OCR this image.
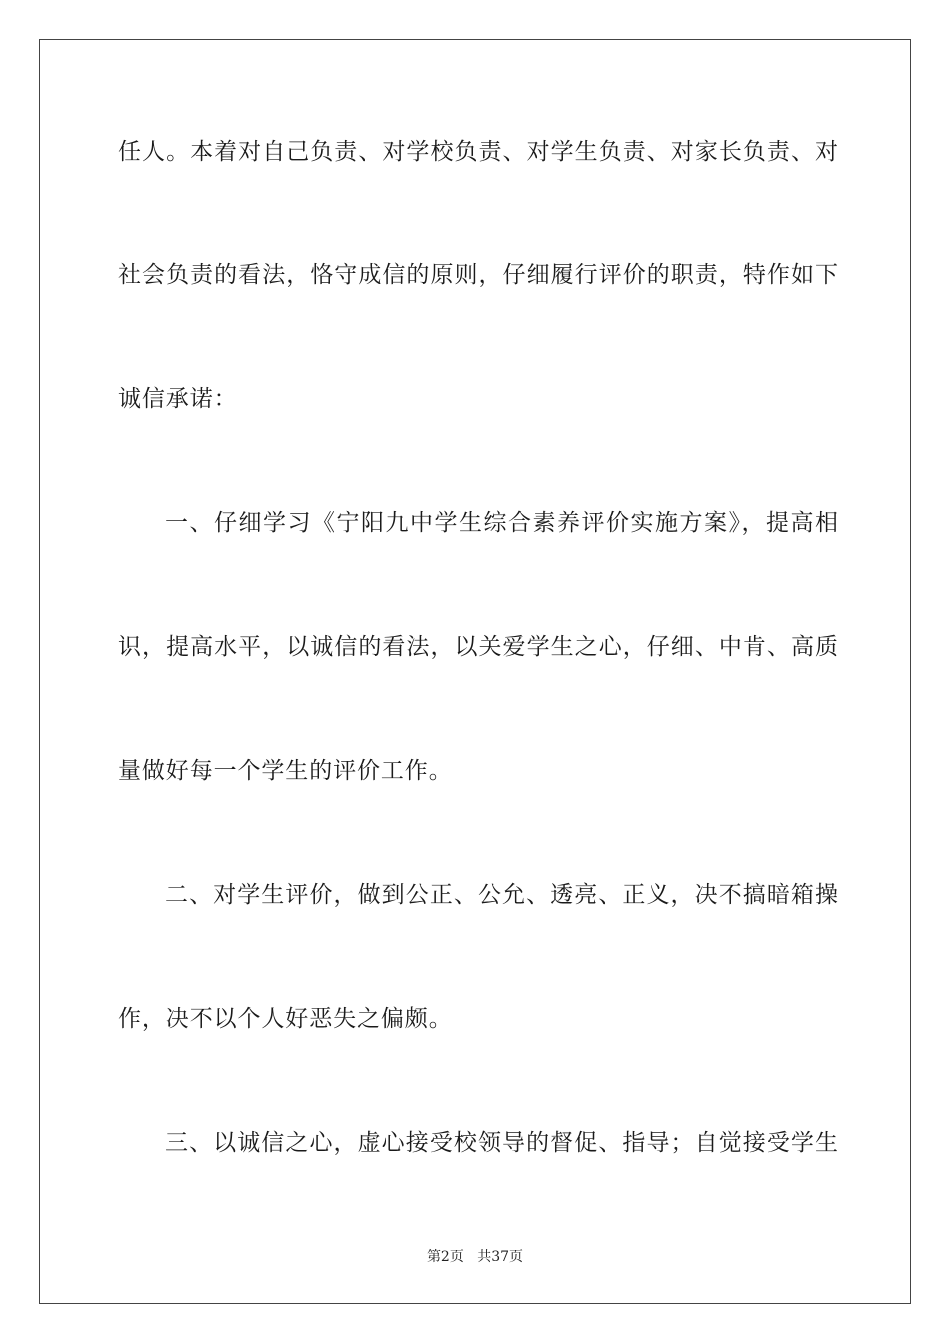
任人。本着对自己负责、对学校负责、对学生负责、对家长负责、对
社会负责的看法，恪守成信的原则，仔细履行评价的职责，特作如下
诚信承诺：
一、仔细学习《宁阳九中学生综合素养评价实施方案》，提高相
识，提高水平，以诚信的看法，以关爱学生之心，仔细、中肯、高质
量做好每一个学生的评价工作。
二、对学生评价，做到公正、公允、透亮、正义，决不搞暗箱操
作，决不以个人好恶失之偏颇。
三、以诚信之心，虚心接受校领导的督促、指导；自觉接受学生
第2页 共37页
